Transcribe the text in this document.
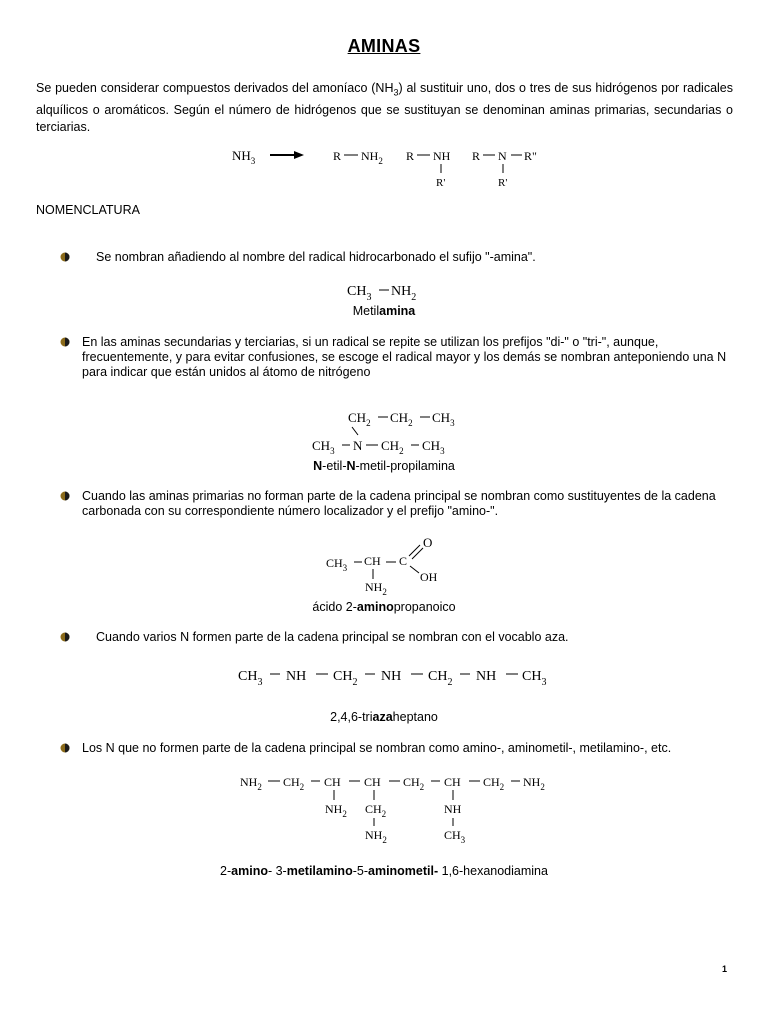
AMINAS
Se pueden considerar compuestos derivados del amoníaco $(NH_3)$ al sustituir uno, dos o tres de sus hidrógenos por radicales alquílicos o aromáticos. Según el número de hidrógenos que se sustituyan se denominan aminas primarias, secundarias o terciarias.
$NH_3$	R $NH_2$ R NH
R'
R N R"
R'
NOMENCLATURA
Se nombran añadiendo al nombre del radical hidrocarbonado el sufijo "-amina".
$CH_3$ $NH_2$
Metilamina
En las aminas secundarias y terciarias, si un radical se repite se utilizan los prefijos "di-" o "tri-", aunque, frecuentemente, y para evitar confusiones, se escoge el radical mayor y los demás se nombran anteponiendo una N para indicar que están unidos al átomo de nitrógeno
$CH_2$ $CH_2$ $CH_3$
$CH_3$ N $CH_2$ $CH_3$
N-etil-N-metil-propilamina
Cuando las aminas primarias no forman parte de la cadena principal se nombran como sustituyentes de la cadena carbonada con su correspondiente número localizador y el prefijo "amino-".
$CH_3$ CH C
O
OH
$NH_2$
ácido 2-aminopropanoico
Cuando varios N formen parte de la cadena principal se nombran con el vocablo aza.
$CH_3$ NH $CH_2$ NH $CH_2$ NH $CH_3$
2,4,6-triazaheptano
Los N que no formen parte de la cadena principal se nombran como amino-, aminometil-, metilamino-, etc.
$NH_2$ $CH_2$ CH CH $CH_2$ CH $CH_2$ $NH_2$
$NH_2$ $CH_2$
$NH_2$
NH
$CH_3$
2-amino- 3-metilamino-5-aminometil- 1,6-hexanodiamina
1
